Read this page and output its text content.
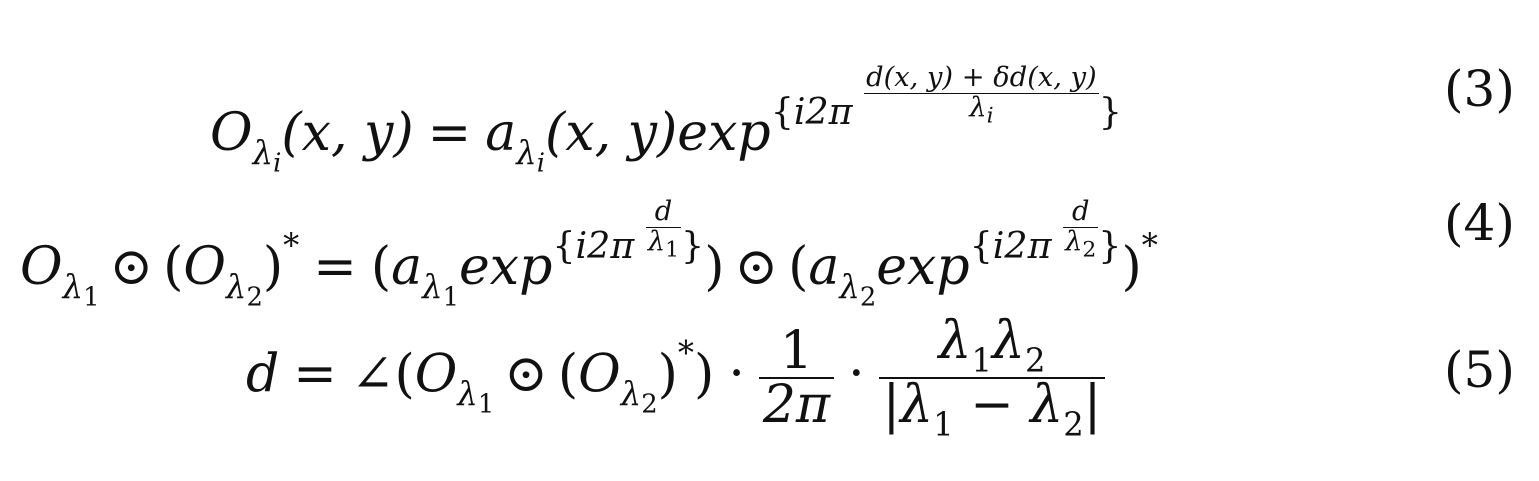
$O_{\lambda_i}(x$, $y) = a_{\lambda_i}(x$, $y)\exp^{\{i2\pi \frac{d(x, y) + \delta d(x, y)}{\lambda_i} \}}$	(3)
$O_{\lambda_1}⊙$ $(O_{\lambda_2})^* = (a_{\lambda_1}\exp^{\{i2\pi \frac{d}{\lambda_1} \}})$ ⊙ $(a_{\lambda_2}\exp^{\{i2\pi \frac{d}{\lambda_2} \}})^*$	(4)
$d = \angle(O_{\lambda_1}⊙$ $(O_{\lambda_2})^*) \cdot \frac{1}{2\pi} \cdot \frac{\lambda_1\lambda_2}{|\lambda_1 - \lambda_2|}$	(5)
